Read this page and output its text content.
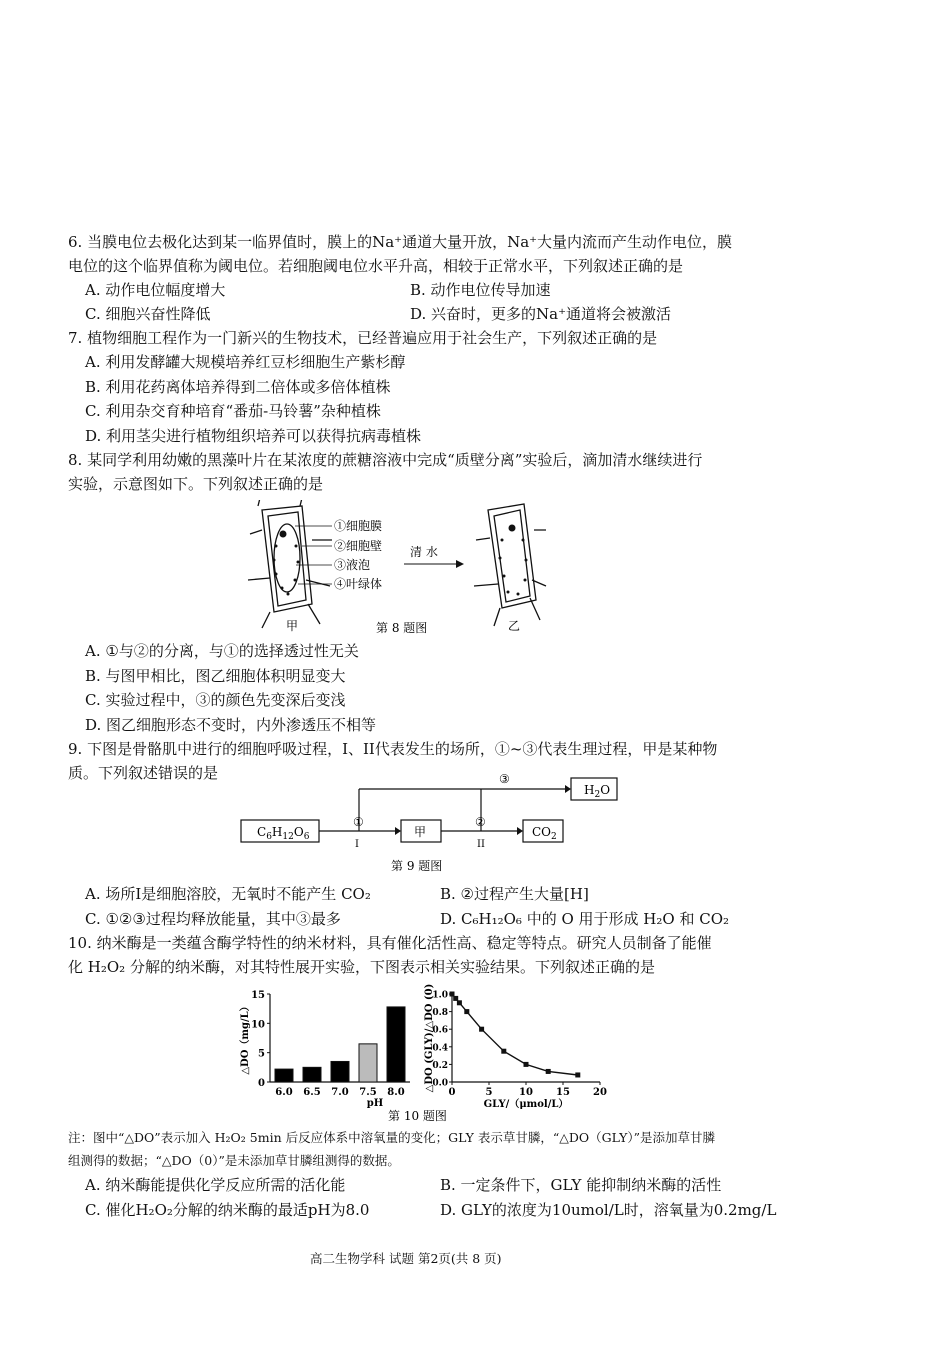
6. 当膜电位去极化达到某一临界值时，膜上的Na⁺通道大量开放，Na⁺大量内流而产生动作电位，膜
电位的这个临界值称为阈电位。若细胞阈电位水平升高，相较于正常水平，下列叙述正确的是
A. 动作电位幅度增大	B. 动作电位传导加速
C. 细胞兴奋性降低	D. 兴奋时，更多的Na⁺通道将会被激活
7. 植物细胞工程作为一门新兴的生物技术，已经普遍应用于社会生产，下列叙述正确的是
A. 利用发酵罐大规模培养红豆杉细胞生产紫杉醇
B. 利用花药离体培养得到二倍体或多倍体植株
C. 利用杂交育种培育“番茄-马铃薯”杂种植株
D. 利用茎尖进行植物组织培养可以获得抗病毒植株
8. 某同学利用幼嫩的黑藻叶片在某浓度的蔗糖溶液中完成“质壁分离”实验后，滴加清水继续进行
实验，示意图如下。下列叙述正确的是
①细胞膜
②细胞壁
③液泡
④叶绿体
清 水
甲	乙
第 8 题图
A. ①与②的分离，与①的选择透过性无关
B. 与图甲相比，图乙细胞体积明显变大
C. 实验过程中，③的颜色先变深后变浅
D. 图乙细胞形态不变时，内外渗透压不相等
9. 下图是骨骼肌中进行的细胞呼吸过程，I、II代表发生的场所，①~③代表生理过程，甲是某种物
质。下列叙述错误的是
$C_6H_{12}O_6$	甲	$CO_2$
$H_2O$
①	②
③
I	II
第 9 题图
A. 场所I是细胞溶胶，无氧时不能产生 CO₂	B. ②过程产生大量[H]
C. ①②③过程均释放能量，其中③最多	D. C₆H₁₂O₆ 中的 O 用于形成 H₂O 和 CO₂
10. 纳米酶是一类蕴含酶学特性的纳米材料，具有催化活性高、稳定等特点。研究人员制备了能催
化 H₂O₂ 分解的纳米酶，对其特性展开实验，下图表示相关实验结果。下列叙述正确的是
0
5
10
15
6.0 6.5 7.0 7.5 8.0
pH
△DO（mg/L）
0.0
0.2
0.4
0.6
0.8
1.0
0	5	10 15 20
GLY/（μmol/L）
△DO (GLY)/△DO (0)
第 10 题图
注：图中“△DO”表示加入 H₂O₂ 5min 后反应体系中溶氧量的变化；GLY 表示草甘膦，“△DO（GLY）”是添加草甘膦
组测得的数据；“△DO（0）”是未添加草甘膦组测得的数据。
A. 纳米酶能提供化学反应所需的活化能	B. 一定条件下，GLY 能抑制纳米酶的活性
C. 催化H₂O₂分解的纳米酶的最适pH为8.0	D. GLY的浓度为10umol/L时，溶氧量为0.2mg/L
高二生物学科 试题 第2页(共 8 页)
